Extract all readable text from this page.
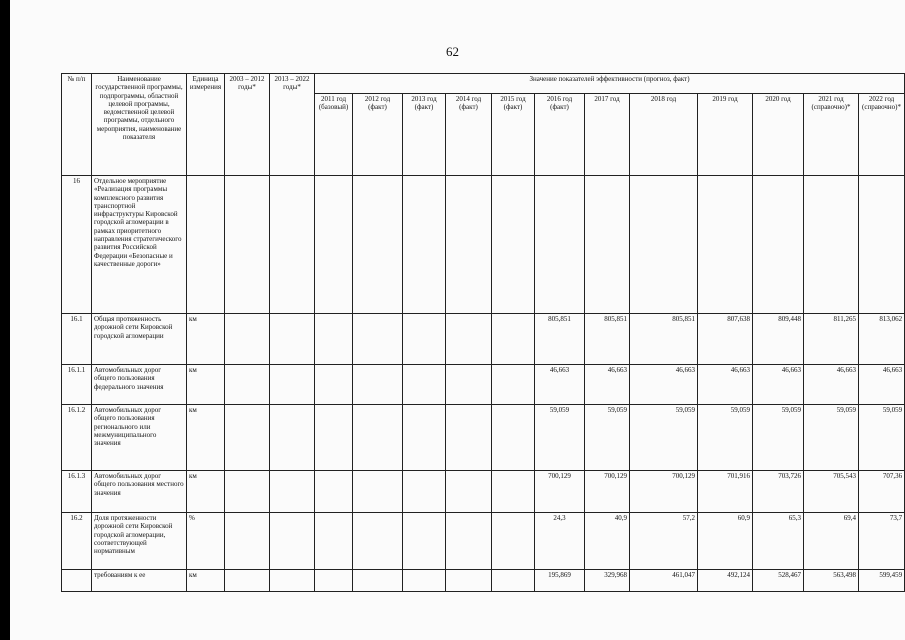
62
№ п/п	Наименование государственной программы, подпрограммы, областной целевой программы, ведомственной целевой программы, отдельного мероприятия, наименование показателя	Единица измерения	2003 – 2012 годы*	2013 – 2022 годы*	Значение показателей эффективности (прогноз, факт)											
					2011 год (базовый)	2012 год (факт)	2013 год (факт)	2014 год (факт)	2015 год (факт)	2016 год (факт)	2017 год	2018 год	2019 год	2020 год	2021 год (справочно)*	2022 год (справочно)*
16	Отдельное мероприятие «Реализация программы комплексного развития транспортной инфраструктуры Кировской городской агломерации в рамках приоритетного направления стратегического развития Российской Федерации «Безопасные и качественные дороги»															
16.1	Общая протяженность дорожной сети Кировской городской агломерации	км								805,851	805,851	805,851	807,638	809,448	811,265	813,062
16.1.1	Автомобильных дорог общего пользования федерального значения	км								46,663	46,663	46,663	46,663	46,663	46,663	46,663
16.1.2	Автомобильных дорог общего пользования регионального или межмуниципального значения	км								59,059	59,059	59,059	59,059	59,059	59,059	59,059
16.1.3	Автомобильных дорог общего пользования местного значения	км								700,129	700,129	700,129	701,916	703,726	705,543	707,36
16.2	Доля протяженности дорожной сети Кировской городской агломерации, соответствующей нормативным	%								24,3	40,9	57,2	60,9	65,3	69,4	73,7
	требованиям к ее	км								195,869	329,968	461,047	492,124	528,467	563,498	599,459
